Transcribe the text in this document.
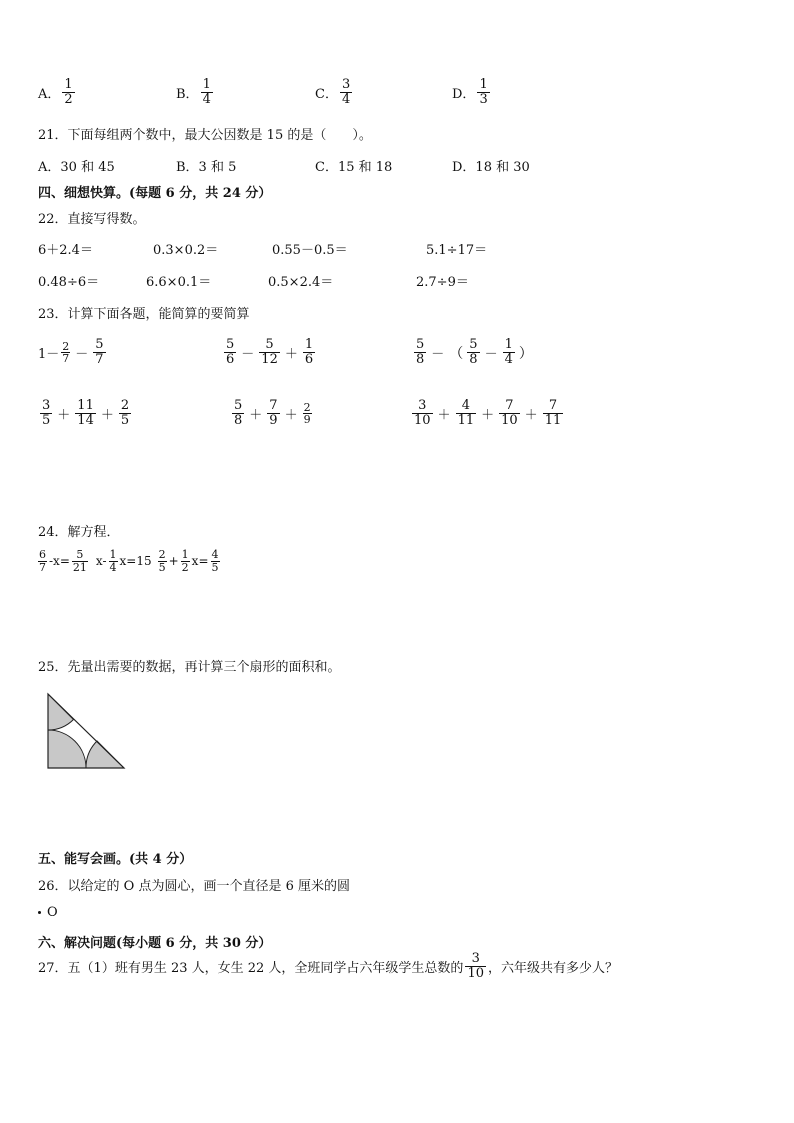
A． $\frac{1}{2}$	B． $\frac{1}{4}$	C． $\frac{3}{4}$	D． $\frac{1}{3}$
21．下面每组两个数中，最大公因数是 15 的是（　　）。
A．30 和 45	B．3 和 5	C．15 和 18	D．18 和 30
四、细想快算。(每题 6 分，共 24 分）
22．直接写得数。
6＋2.4＝	0.3×0.2＝	0.55－0.5＝	5.1÷17＝
0.48÷6＝	6.6×0.1＝	0.5×2.4＝	2.7÷9＝
23．计算下面各题，能简算的要简算
$1- \frac{2}{7} - \frac{5}{7}$	$\frac{5}{6} - \frac{5}{12} + \frac{1}{6}$	$\frac{5}{8}$ － （ $\frac{5}{8} - \frac{1}{4}$ ）
$\frac{3}{5} + \frac{11}{14} + \frac{2}{5}$	$\frac{5}{8} + \frac{7}{9} + \frac{2}{9}$	$\frac{3}{10} + \frac{4}{11} + \frac{7}{10} + \frac{7}{11}$
24．解方程．
$\frac{6}{7} -x= \frac{5}{21} x- \frac{1}{4} x=15 \frac{2}{5} + \frac{1}{2} x= \frac{4}{5}$
25．先量出需要的数据，再计算三个扇形的面积和。
五、能写会画。(共 4 分）
26．以给定的 O 点为圆心，画一个直径是 6 厘米的圆
O
六、解决问题(每小题 6 分，共 30 分）
27．五（1）班有男生 23 人，女生 22 人，全班同学占六年级学生总数的 $\frac{3}{10}$ ，六年级共有多少人？
